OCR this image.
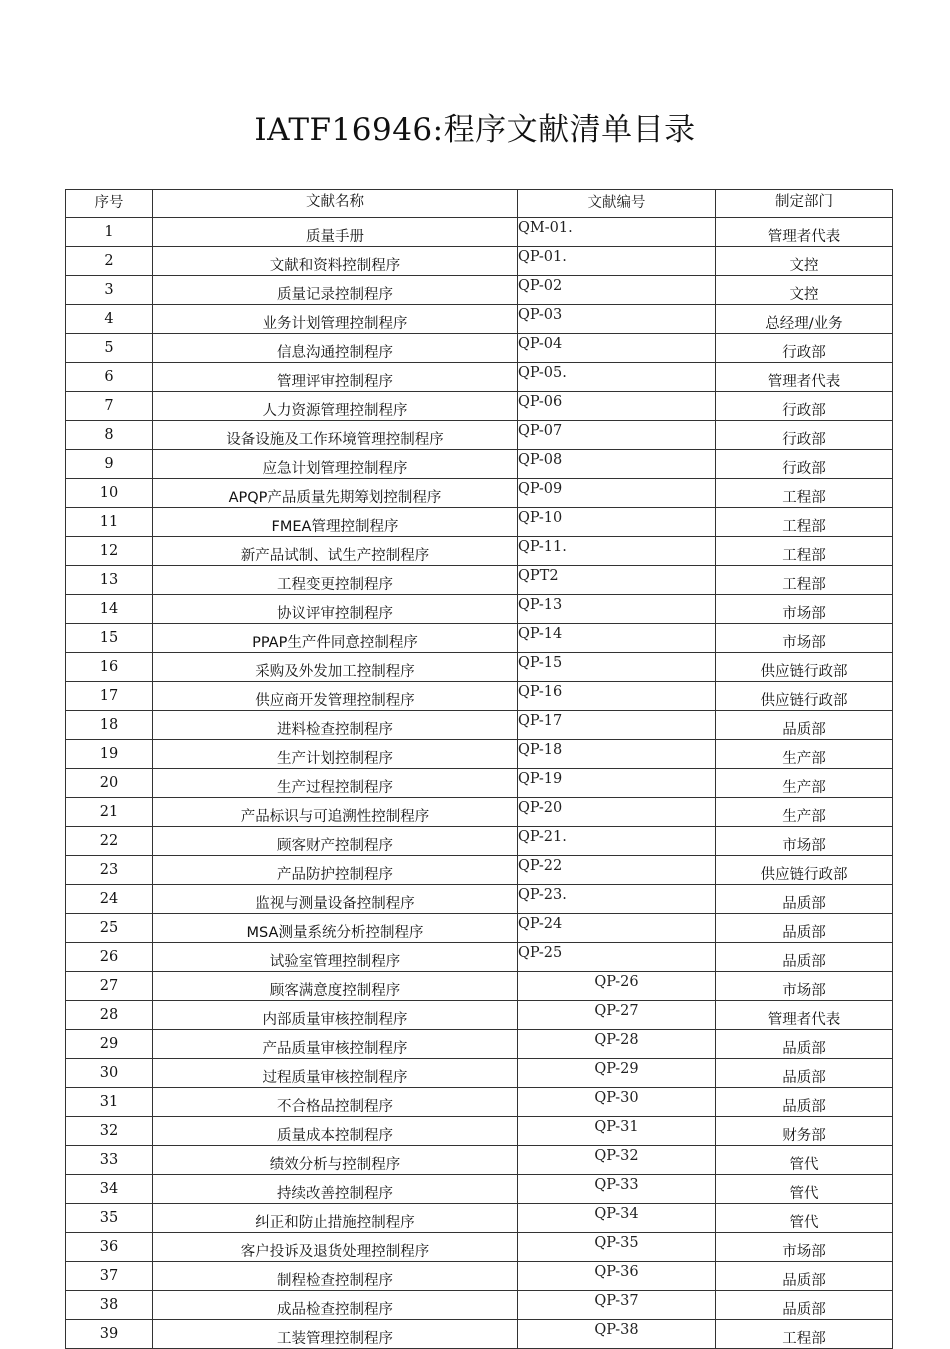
IATF16946:程序文献清单目录
序号	文献名称	文献编号	制定部门
1	质量手册	QM-01.	管理者代表
2	文献和资料控制程序	QP-01.	文控
3	质量记录控制程序	QP-02	文控
4	业务计划管理控制程序	QP-03	总经理/业务
5	信息沟通控制程序	QP-04	行政部
6	管理评审控制程序	QP-05.	管理者代表
7	人力资源管理控制程序	QP-06	行政部
8	设备设施及工作环境管理控制程序	QP-07	行政部
9	应急计划管理控制程序	QP-08	行政部
10	APQP产品质量先期筹划控制程序	QP-09	工程部
11	FMEA管理控制程序	QP-10	工程部
12	新产品试制、试生产控制程序	QP-11.	工程部
13	工程变更控制程序	QPT2	工程部
14	协议评审控制程序	QP-13	市场部
15	PPAP生产件同意控制程序	QP-14	市场部
16	采购及外发加工控制程序	QP-15	供应链行政部
17	供应商开发管理控制程序	QP-16	供应链行政部
18	进料检查控制程序	QP-17	品质部
19	生产计划控制程序	QP-18	生产部
20	生产过程控制程序	QP-19	生产部
21	产品标识与可追溯性控制程序	QP-20	生产部
22	顾客财产控制程序	QP-21.	市场部
23	产品防护控制程序	QP-22	供应链行政部
24	监视与测量设备控制程序	QP-23.	品质部
25	MSA测量系统分析控制程序	QP-24	品质部
26	试验室管理控制程序	QP-25	品质部
27	顾客满意度控制程序	QP-26	市场部
28	内部质量审核控制程序	QP-27	管理者代表
29	产品质量审核控制程序	QP-28	品质部
30	过程质量审核控制程序	QP-29	品质部
31	不合格品控制程序	QP-30	品质部
32	质量成本控制程序	QP-31	财务部
33	绩效分析与控制程序	QP-32	管代
34	持续改善控制程序	QP-33	管代
35	纠正和防止措施控制程序	QP-34	管代
36	客户投诉及退货处理控制程序	QP-35	市场部
37	制程检查控制程序	QP-36	品质部
38	成品检查控制程序	QP-37	品质部
39	工装管理控制程序	QP-38	工程部
